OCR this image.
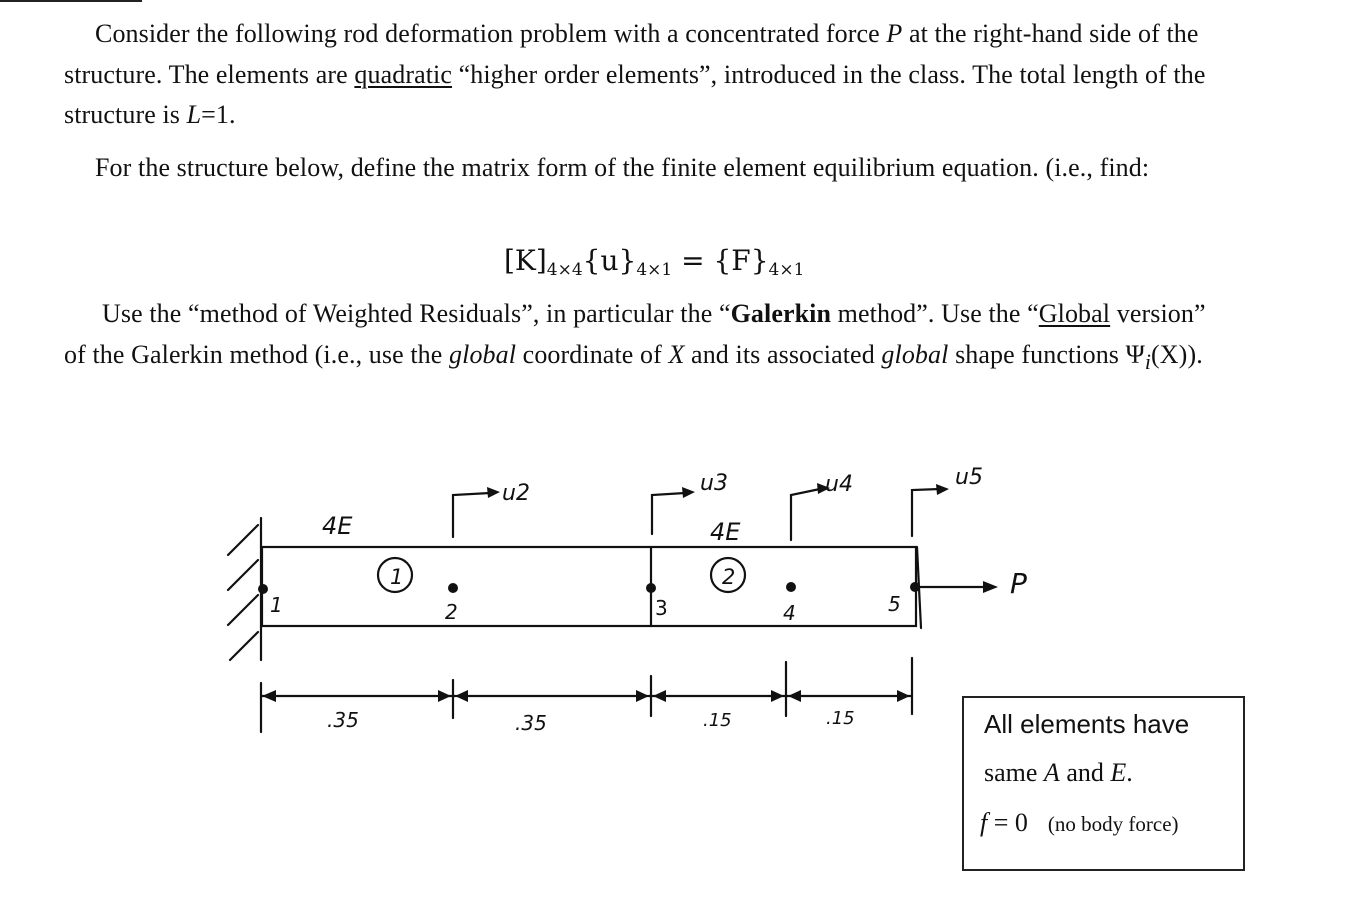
Consider the following rod deformation problem with a concentrated force P at the right-hand side of the structure. The elements are quadratic “higher order elements”, introduced in the class. The total length of the structure is L=1.

For the structure below, define the matrix form of the finite element equilibrium equation. (i.e., find:

$[K]_{4\times 4}\{u\}_{4\times 1} = \{F\}_{4\times 1}$

Use the “method of Weighted Residuals”, in particular the “Galerkin method”. Use the “Global version” of the Galerkin method (i.e., use the global coordinate of X and its associated global shape functions $\Psi_i(X)$).

4E	4E
1	2
1	2	3	4	5
u2	u3	u4	u5
P
.35	.35	.15	.15	All elements have
same A and E.
f = 0 (no body force)
